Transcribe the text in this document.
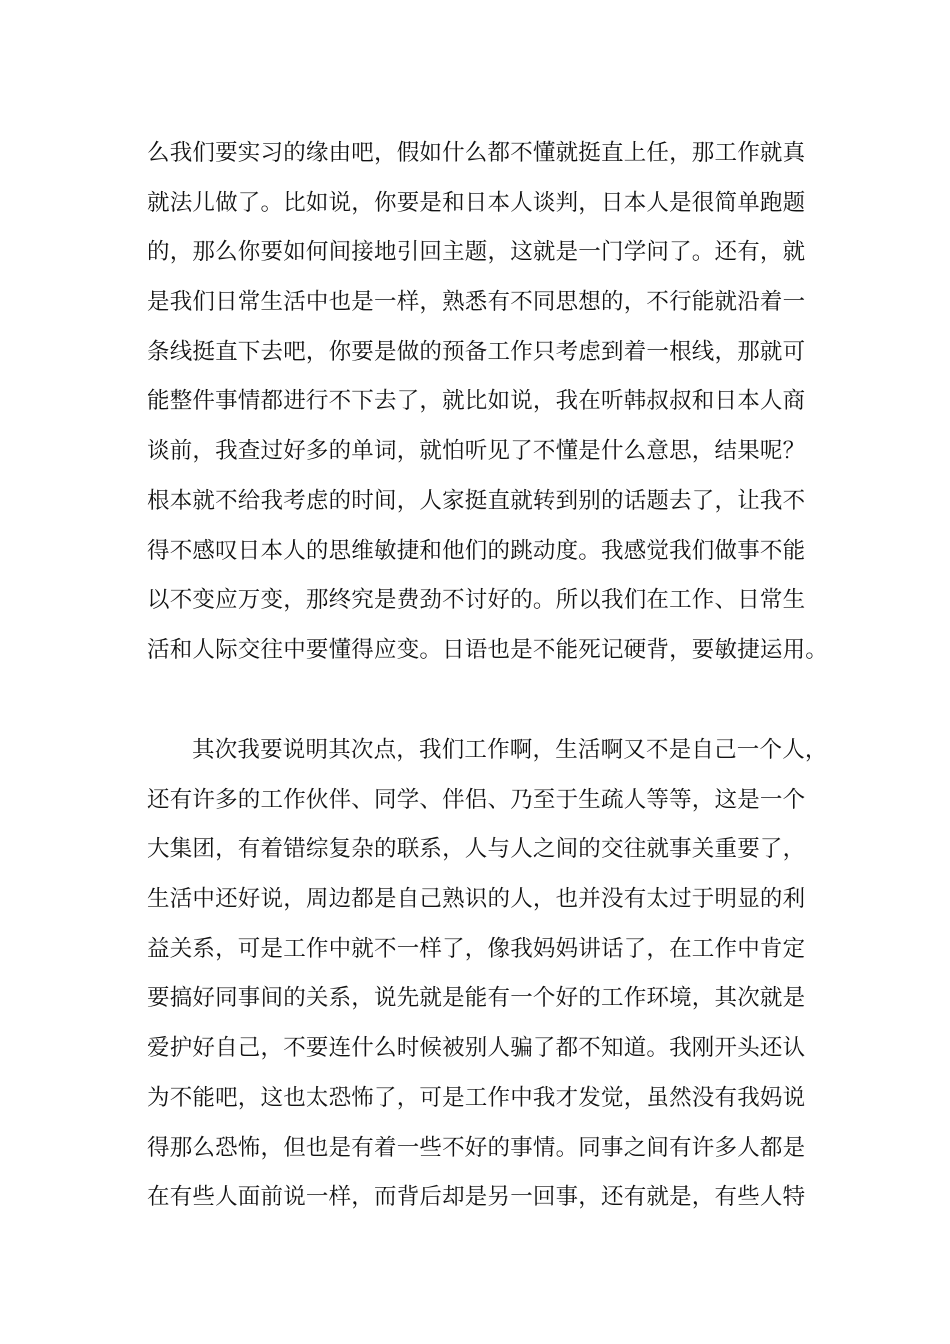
么我们要实习的缘由吧，假如什么都不懂就挺直上任，那工作就真
就法儿做了。比如说，你要是和日本人谈判，日本人是很简单跑题
的，那么你要如何间接地引回主题，这就是一门学问了。还有，就
是我们日常生活中也是一样，熟悉有不同思想的，不行能就沿着一
条线挺直下去吧，你要是做的预备工作只考虑到着一根线，那就可
能整件事情都进行不下去了，就比如说，我在听韩叔叔和日本人商
谈前，我查过好多的单词，就怕听见了不懂是什么意思，结果呢？
根本就不给我考虑的时间，人家挺直就转到别的话题去了，让我不
得不感叹日本人的思维敏捷和他们的跳动度。我感觉我们做事不能
以不变应万变，那终究是费劲不讨好的。所以我们在工作、日常生
活和人际交往中要懂得应变。日语也是不能死记硬背，要敏捷运用。
其次我要说明其次点，我们工作啊，生活啊又不是自己一个人，
还有许多的工作伙伴、同学、伴侣、乃至于生疏人等等，这是一个
大集团，有着错综复杂的联系，人与人之间的交往就事关重要了，
生活中还好说，周边都是自己熟识的人，也并没有太过于明显的利
益关系，可是工作中就不一样了，像我妈妈讲话了，在工作中肯定
要搞好同事间的关系，说先就是能有一个好的工作环境，其次就是
爱护好自己，不要连什么时候被别人骗了都不知道。我刚开头还认
为不能吧，这也太恐怖了，可是工作中我才发觉，虽然没有我妈说
得那么恐怖，但也是有着一些不好的事情。同事之间有许多人都是
在有些人面前说一样，而背后却是另一回事，还有就是，有些人特
